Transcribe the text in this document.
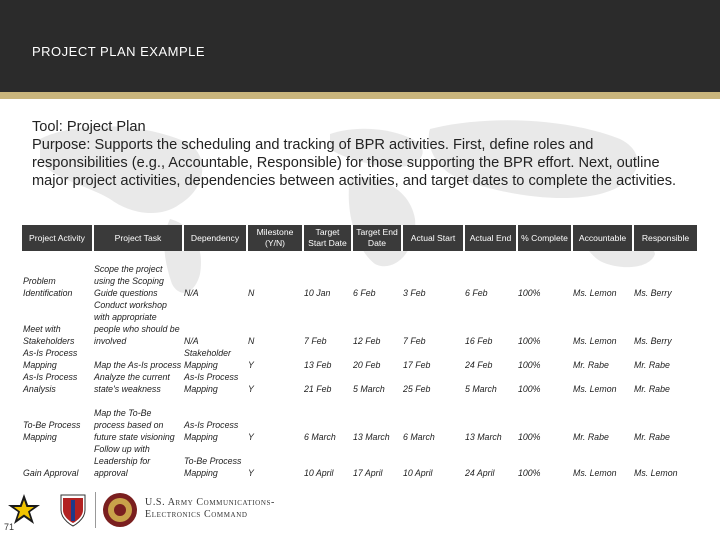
PROJECT PLAN EXAMPLE

Tool: Project Plan

Purpose: Supports the scheduling and tracking of BPR activities. First, define roles and responsibilities (e.g., Accountable, Responsible) for those supporting the BPR effort. Next, outline major project activities, dependencies between activities, and target dates to complete the activities.

Project Activity	Project Task	Dependency	Milestone (Y/N)	Target Start Date	Target End Date	Actual Start	Actual End	% Complete	Accountable	Responsible
Problem Identification	Scope the project using the Scoping Guide questions	N/A	N	10 Jan	6 Feb	3 Feb	6 Feb	100%	Ms. Lemon	Ms. Berry
Meet with Stakeholders	Conduct workshop with appropriate people who should be involved	N/A	N	7 Feb	12 Feb	7 Feb	16 Feb	100%	Ms. Lemon	Ms. Berry
As-Is Process Mapping	Map the As-Is process	Stakeholder Mapping	Y	13 Feb	20 Feb	17 Feb	24 Feb	100%	Mr. Rabe	Mr. Rabe
As-Is Process Analysis	Analyze the current state's weakness	As-Is Process Mapping	Y	21 Feb	5 March	25 Feb	5 March	100%	Ms. Lemon	Mr. Rabe
To-Be Process Mapping	Map the To-Be process based on future state visioning	As-Is Process Mapping	Y	6 March	13 March	6 March	13 March	100%	Mr. Rabe	Mr. Rabe
Gain Approval	Follow up with Leadership for approval	To-Be Process Mapping	Y	10 April	17 April	10 April	24 April	100%	Ms. Lemon	Ms. Lemon
71
U.S. Army Communications-
Electronics Command
